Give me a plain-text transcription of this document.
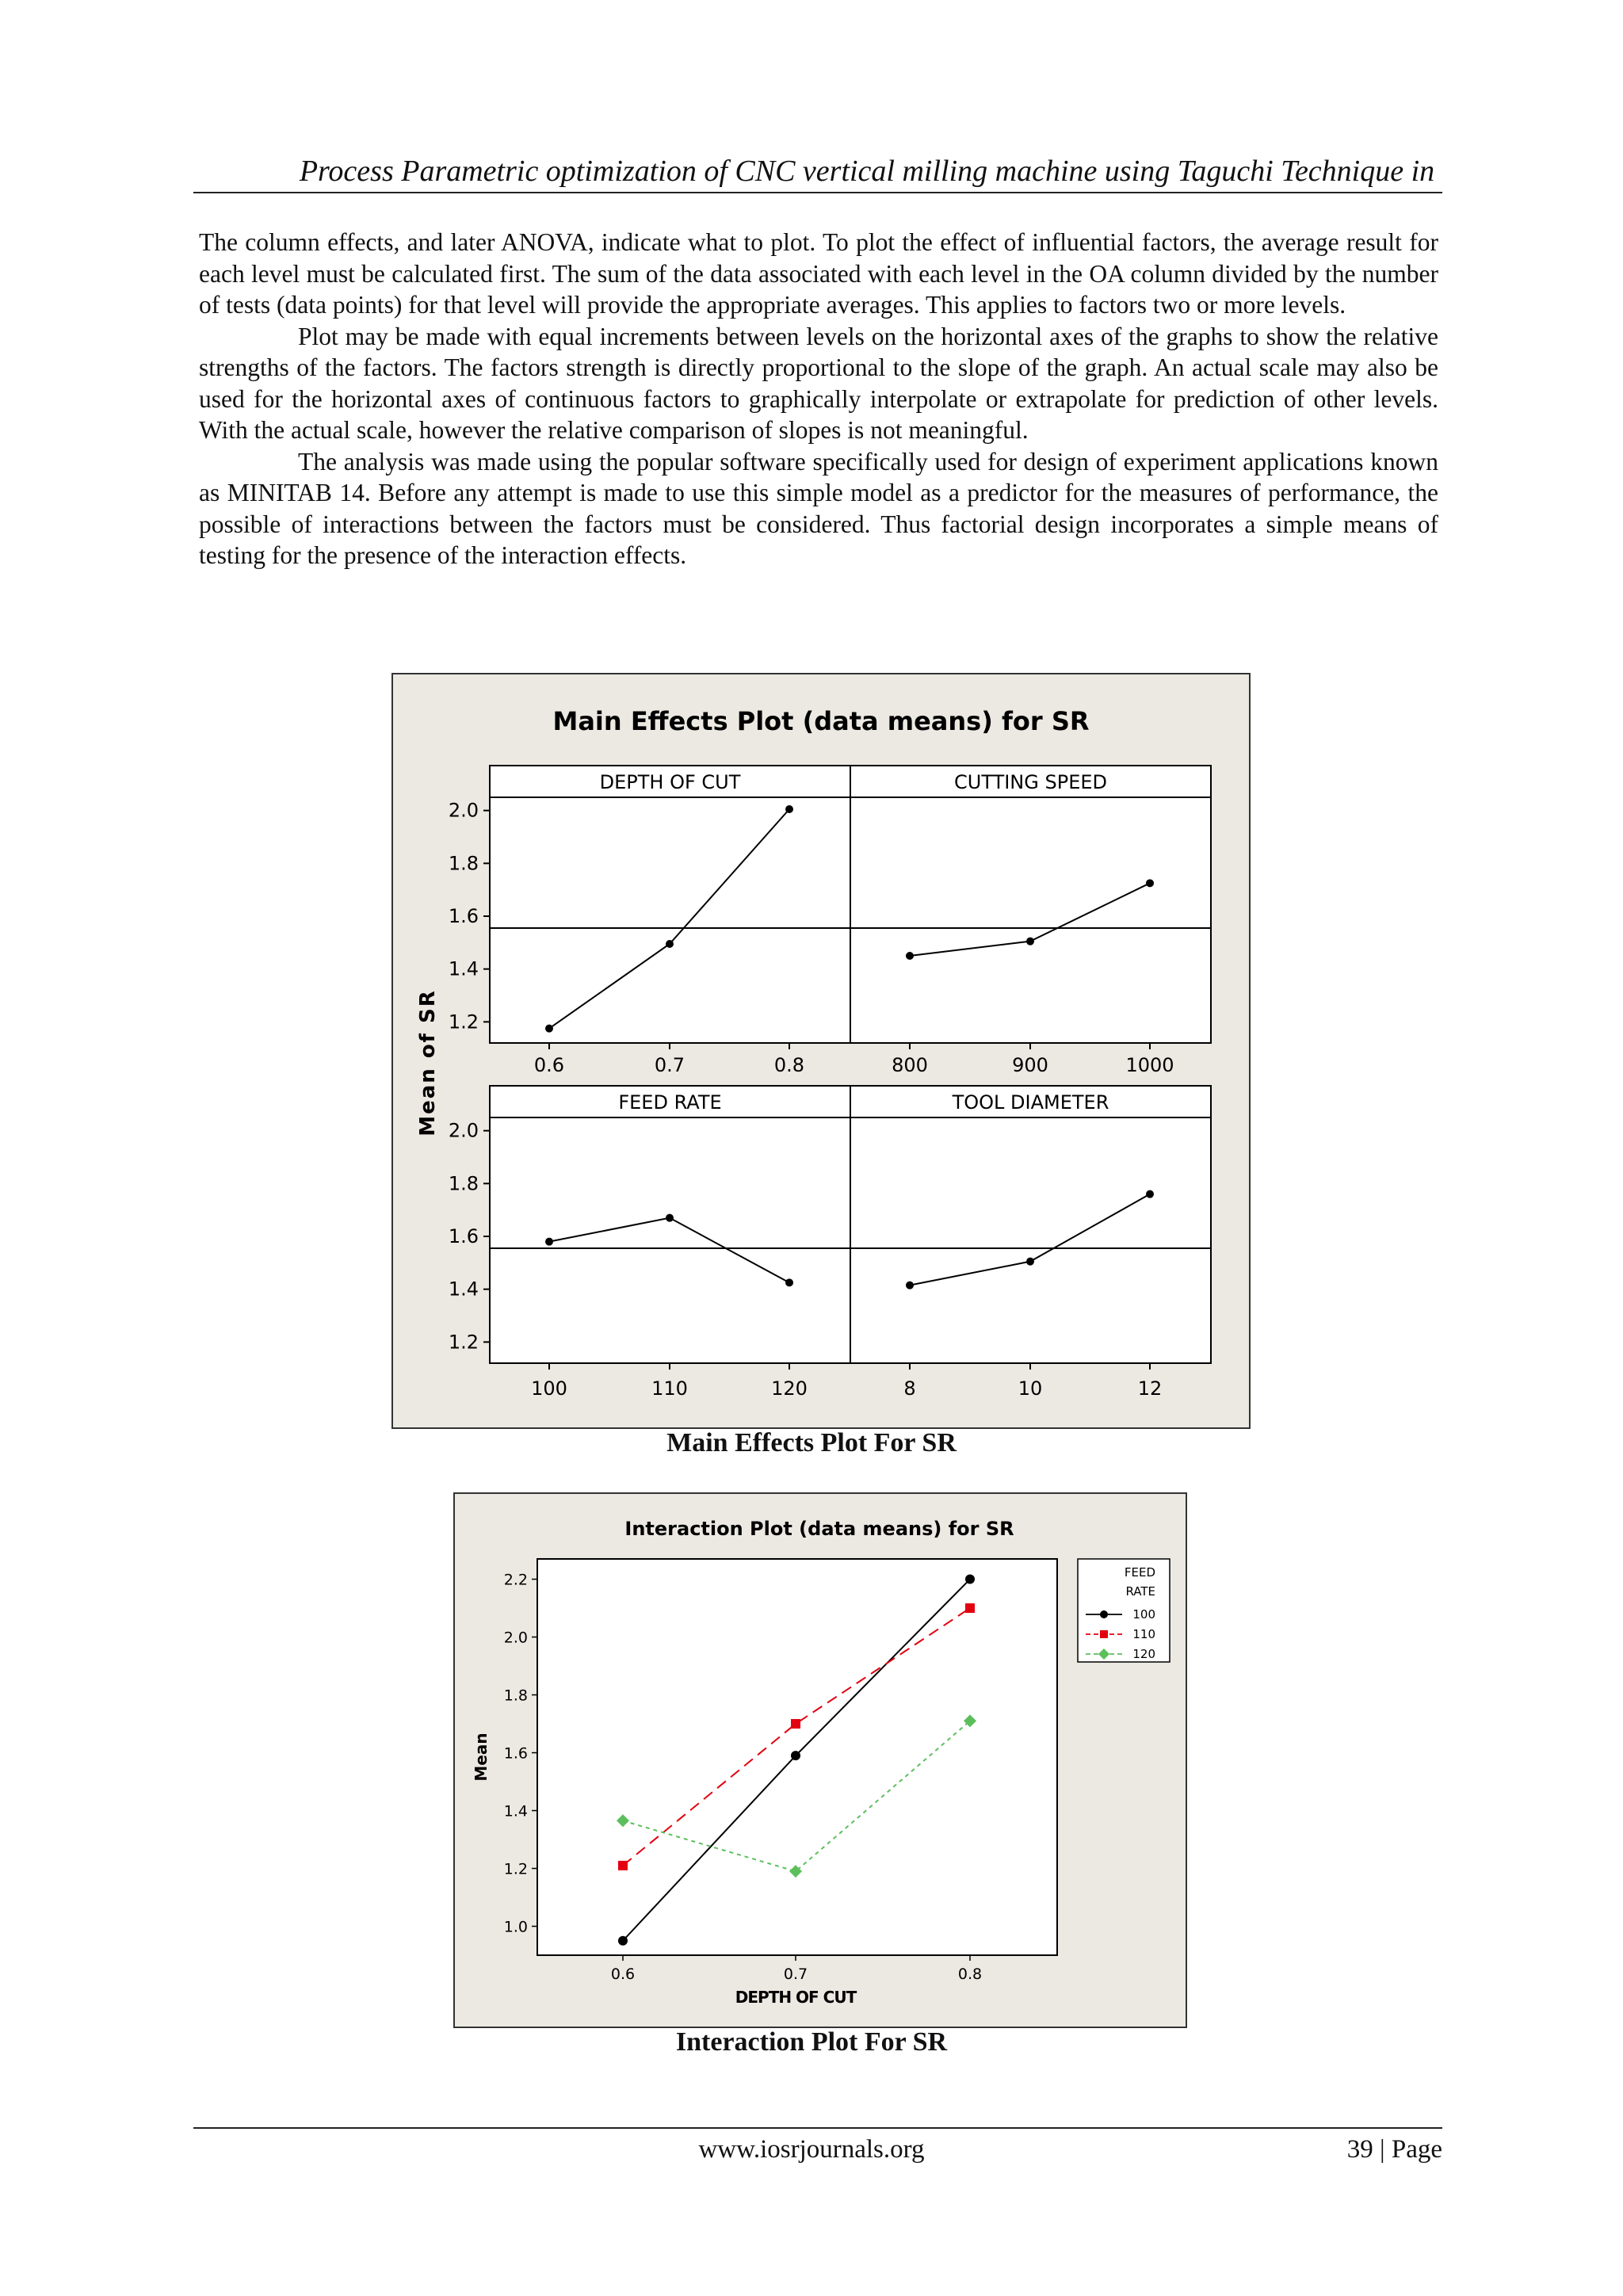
Process Parametric optimization of CNC vertical milling machine using Taguchi Technique in

The column effects, and later ANOVA, indicate what to plot. To plot the effect of influential factors, the average result for each level must be calculated first. The sum of the data associated with each level in the OA column divided by the number of tests (data points) for that level will provide the appropriate averages. This applies to factors two or more levels.

Plot may be made with equal increments between levels on the horizontal axes of the graphs to show the relative strengths of the factors. The factors strength is directly proportional to the slope of the graph. An actual scale may also be used for the horizontal axes of continuous factors to graphically interpolate or extrapolate for prediction of other levels. With the actual scale, however the relative comparison of slopes is not meaningful.

The analysis was made using the popular software specifically used for design of experiment applications known as MINITAB 14. Before any attempt is made to use this simple model as a predictor for the measures of performance, the possible of interactions between the factors must be considered. Thus factorial design incorporates a simple means of testing for the presence of the interaction effects.

Main Effects Plot (data means) for SR
Mean of SR
DEPTH OF CUT
0.6	0.7	0.8
1.2
1.4
1.6
1.8
2.0
CUTTING SPEED
800	900	1000
FEED RATE
100	110	120
1.2
1.4
1.6
1.8
2.0
TOOL DIAMETER
8	10	12
Main Effects Plot For SR
Interaction Plot (data means) for SR
1.0
1.2
1.4
1.6
1.8
2.0
2.2
0.6	0.7	0.8
DEPTH OF CUT
Mean
FEED
RATE
100
110
120
Interaction Plot For SR
www.iosrjournals.org	39 | Page
